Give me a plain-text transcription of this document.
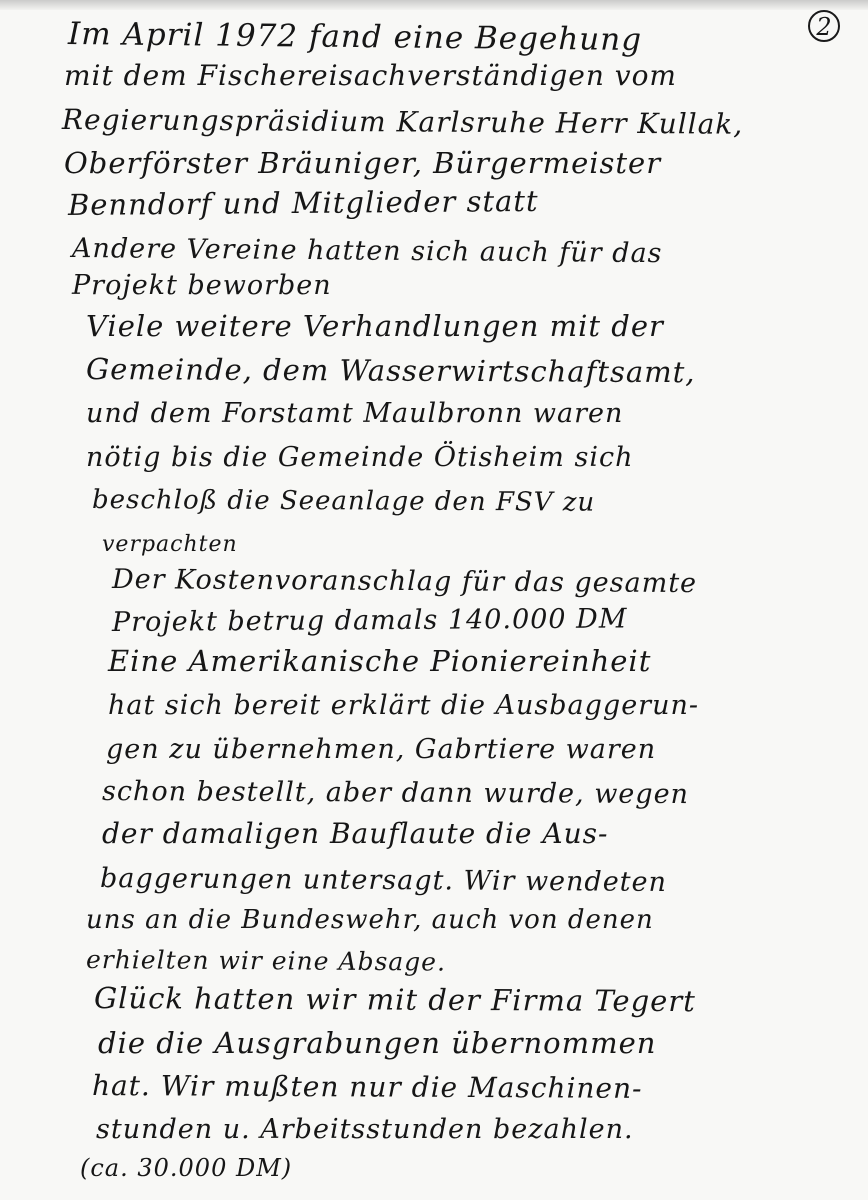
2
Im April 1972 fand eine Begehung
mit dem Fischereisachverständigen vom
Regierungspräsidium Karlsruhe Herr Kullak,
Oberförster Bräuniger, Bürgermeister
Benndorf und Mitglieder statt
Andere Vereine hatten sich auch für das
Projekt beworben
Viele weitere Verhandlungen mit der
Gemeinde, dem Wasserwirtschaftsamt,
und dem Forstamt Maulbronn waren
nötig bis die Gemeinde Ötisheim sich
beschloß die Seeanlage den FSV zu
verpachten
Der Kostenvoranschlag für das gesamte
Projekt betrug damals 140.000 DM
Eine Amerikanische Pioniereinheit
hat sich bereit erklärt die Ausbaggerun-
gen zu übernehmen, Gabrtiere waren
schon bestellt, aber dann wurde, wegen
der damaligen Bauflaute die Aus-
baggerungen untersagt. Wir wendeten
uns an die Bundeswehr, auch von denen
erhielten wir eine Absage.
Glück hatten wir mit der Firma Tegert
die die Ausgrabungen übernommen
hat. Wir mußten nur die Maschinen-
stunden u. Arbeitsstunden bezahlen.
(ca. 30.000 DM)
